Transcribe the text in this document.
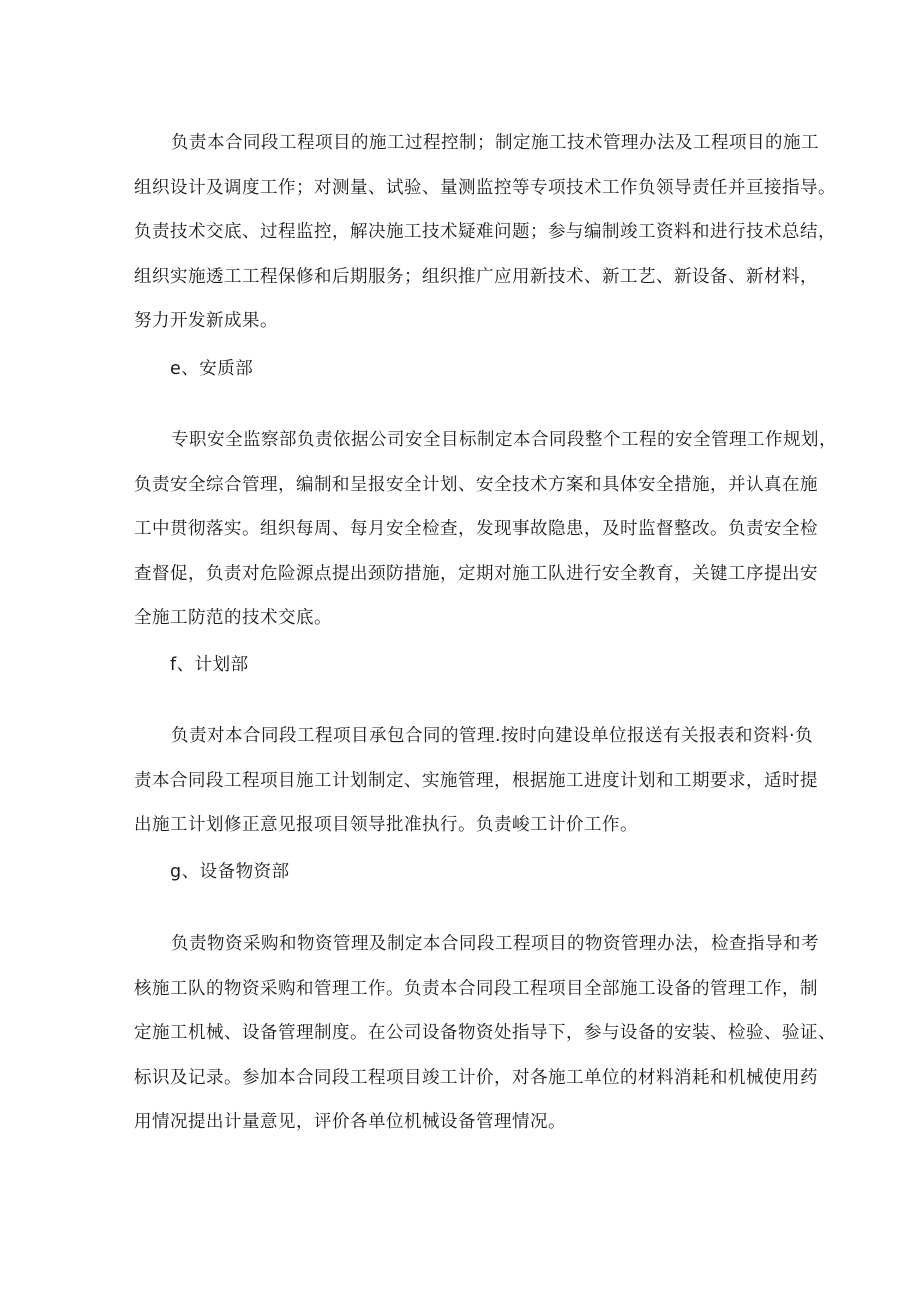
负责本合同段工程项目的施工过程控制；制定施工技术管理办法及工程项目的施工
组织设计及调度工作；对测量、试验、量测监控等专项技术工作负领导责任并亘接指导。
负责技术交底、过程监控，解决施工技术疑难问题；参与编制竣工资料和进行技术总结，
组织实施透工工程保修和后期服务；组织推广应用新技术、新工艺、新设备、新材料，
努力开发新成果。
e、安质部
专职安全监察部负责依据公司安全目标制定本合同段整个工程的安全管理工作规划，
负责安全综合管理，编制和呈报安全计划、安全技术方案和具体安全措施，并认真在施
工中贯彻落实。组织每周、每月安全检查，发现事故隐患，及时监督整改。负责安全检
查督促，负责对危险源点提出颈防措施，定期对施工队进行安全教育，关键工序提出安
全施工防范的技术交底。
f、计划部
负责对本合同段工程项目承包合同的管理.按时向建设单位报送有关报表和资料·负
责本合同段工程项目施工计划制定、实施管理，根据施工进度计划和工期要求，适时提
出施工计划修正意见报项目领导批准执行。负责峻工计价工作。
g、设备物资部
负责物资采购和物资管理及制定本合同段工程项目的物资管理办法，检查指导和考
核施工队的物资采购和管理工作。负责本合同段工程项目全部施工设备的管理工作，制
定施工机械、设备管理制度。在公司设备物资处指导下，参与设备的安装、检验、验证、
标识及记录。参加本合同段工程项目竣工计价，对各施工单位的材料消耗和机械使用药
用情况提出计量意见，评价各单位机械设备管理情况。
